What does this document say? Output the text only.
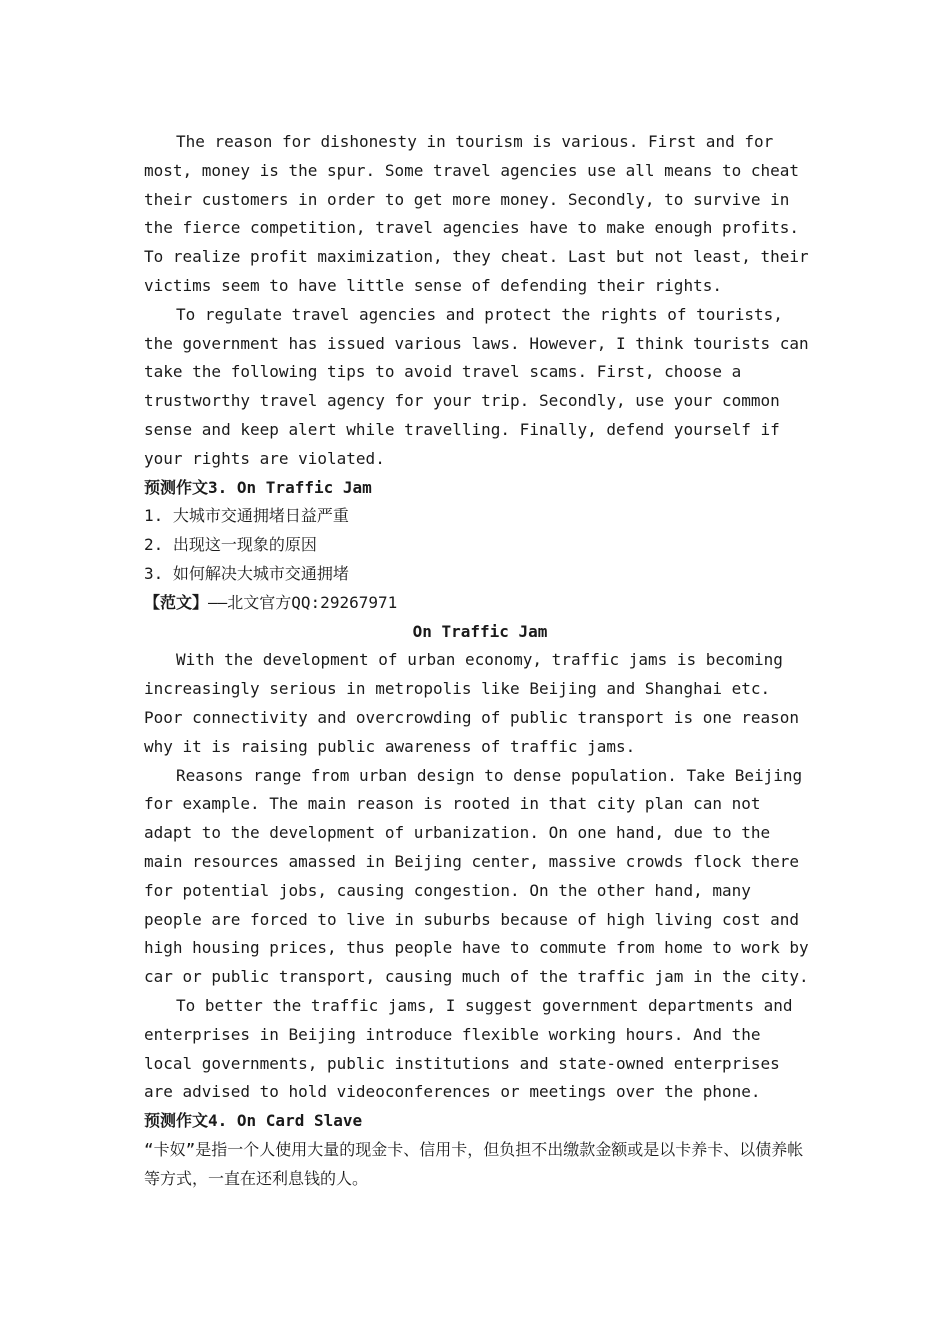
The reason for dishonesty in tourism is various. First and for most, money is the spur. Some travel agencies use all means to cheat their customers in order to get more money. Secondly, to survive in the fierce competition, travel agencies have to make enough profits. To realize profit maximization, they cheat. Last but not least, their victims seem to have little sense of defending their rights.

To regulate travel agencies and protect the rights of tourists, the government has issued various laws. However, I think tourists can take the following tips to avoid travel scams. First, choose a trustworthy travel agency for your trip. Secondly, use your common sense and keep alert while travelling. Finally, defend yourself if your rights are violated.

预测作文3. On Traffic Jam

1. 大城市交通拥堵日益严重

2. 出现这一现象的原因

3. 如何解决大城市交通拥堵

【范文】——北文官方QQ:29267971

On Traffic Jam

With the development of urban economy, traffic jams is becoming increasingly serious in metropolis like Beijing and Shanghai etc. Poor connectivity and overcrowding of public transport is one reason why it is raising public awareness of traffic jams.

Reasons range from urban design to dense population. Take Beijing for example. The main reason is rooted in that city plan can not adapt to the development of urbanization. On one hand, due to the main resources amassed in Beijing center, massive crowds flock there for potential jobs, causing congestion. On the other hand, many people are forced to live in suburbs because of high living cost and high housing prices, thus people have to commute from home to work by car or public transport, causing much of the traffic jam in the city.

To better the traffic jams, I suggest government departments and enterprises in Beijing introduce flexible working hours. And the local governments, public institutions and state-owned enterprises are advised to hold videoconferences or meetings over the phone.

预测作文4. On Card Slave

“卡奴”是指一个人使用大量的现金卡、信用卡，但负担不出缴款金额或是以卡养卡、以债养帐等方式，一直在还利息钱的人。
